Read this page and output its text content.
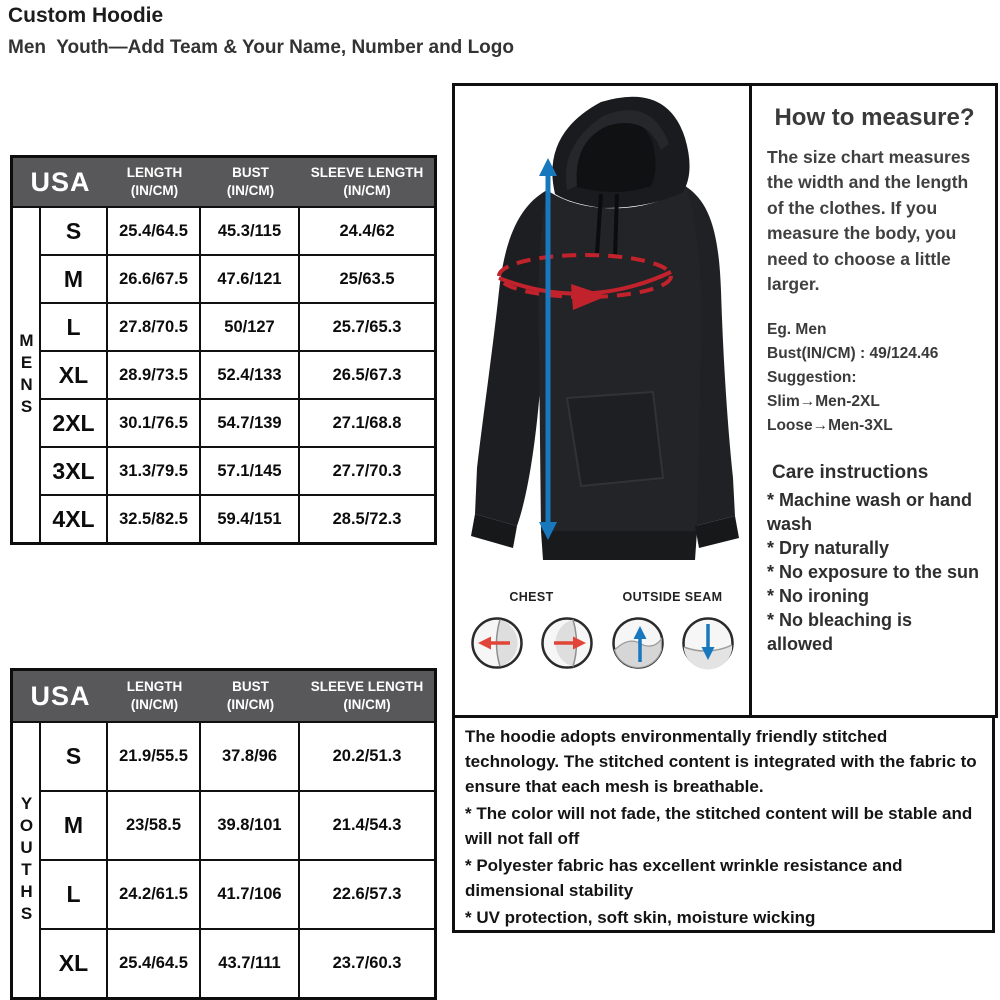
Custom Hoodie
Men  Youth—Add Team & Your Name, Number and Logo
USA	LENGTH
(IN/CM)
BUST
(IN/CM)
SLEEVE LENGTH
(IN/CM)
MENS
S	25.4/64.5	45.3/115	24.4/62
M	26.6/67.5	47.6/121	25/63.5
L	27.8/70.5	50/127	25.7/65.3
XL	28.9/73.5	52.4/133	26.5/67.3
2XL	30.1/76.5	54.7/139	27.1/68.8
3XL	31.3/79.5	57.1/145	27.7/70.3
4XL	32.5/82.5	59.4/151	28.5/72.3
USA	LENGTH
(IN/CM)
BUST
(IN/CM)
SLEEVE LENGTH
(IN/CM)
YOUTHS
S	21.9/55.5	37.8/96	20.2/51.3
M	23/58.5	39.8/101	21.4/54.3
L	24.2/61.5	41.7/106	22.6/57.3
XL	25.4/64.5	43.7/111	23.7/60.3
CHEST	OUTSIDE SEAM
How to measure?
The size chart measures the width and the length of the clothes. If you measure the body, you need to choose a little larger.
Eg. Men
Bust(IN/CM) : 49/124.46
Suggestion:
Slim→Men-2XL
Loose→Men-3XL
Care instructions
* Machine wash or hand wash
* Dry naturally
* No exposure to the sun
* No ironing
* No bleaching is allowed

The hoodie adopts environmentally friendly stitched technology. The stitched content is integrated with the fabric to ensure that each mesh is breathable.

* The color will not fade, the stitched content will be stable and will not fall off

* Polyester fabric has excellent wrinkle resistance and dimensional stability

* UV protection, soft skin, moisture wicking
